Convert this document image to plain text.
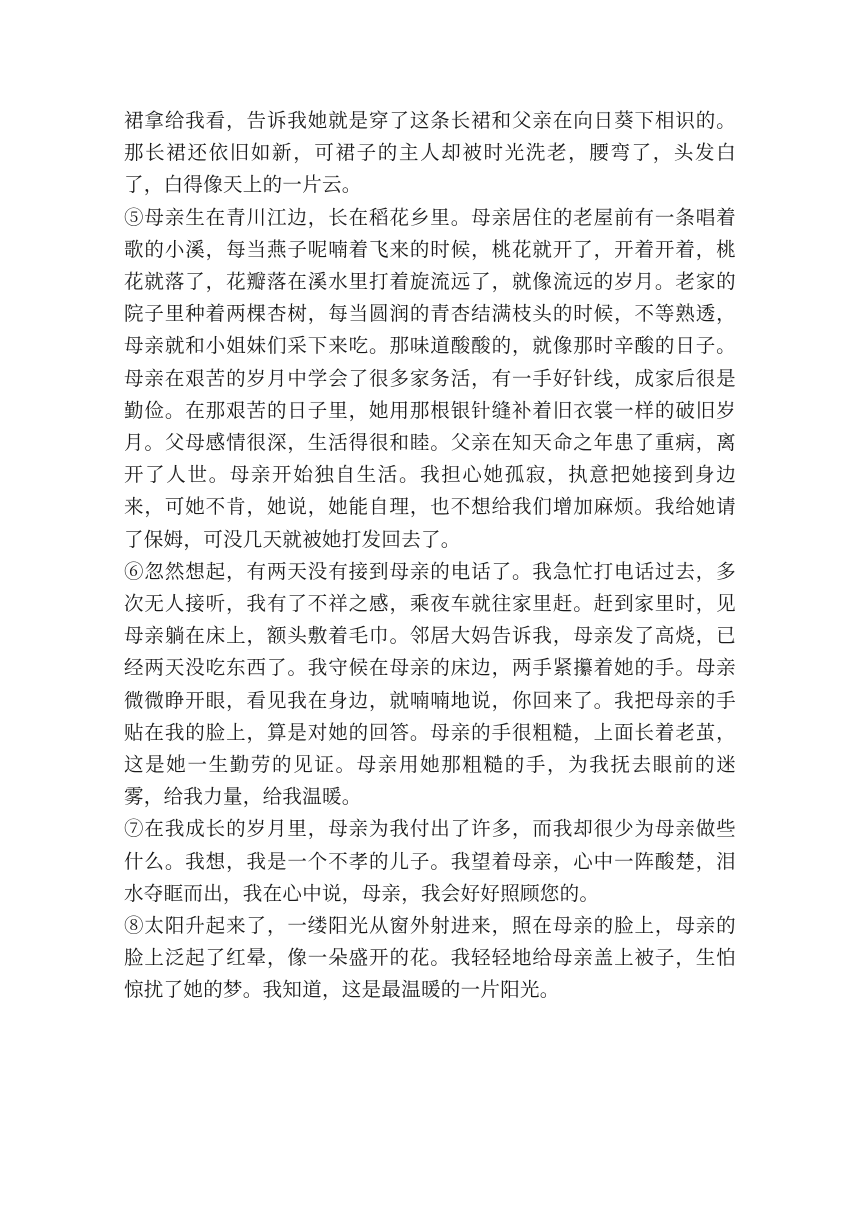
裙拿给我看，告诉我她就是穿了这条长裙和父亲在向日葵下相识的。那长裙还依旧如新，可裙子的主人却被时光洗老，腰弯了，头发白了，白得像天上的一片云。

⑤母亲生在青川江边，长在稻花乡里。母亲居住的老屋前有一条唱着歌的小溪，每当燕子呢喃着飞来的时候，桃花就开了，开着开着，桃花就落了，花瓣落在溪水里打着旋流远了，就像流远的岁月。老家的院子里种着两棵杏树，每当圆润的青杏结满枝头的时候，不等熟透，母亲就和小姐妹们采下来吃。那味道酸酸的，就像那时辛酸的日子。母亲在艰苦的岁月中学会了很多家务活，有一手好针线，成家后很是勤俭。在那艰苦的日子里，她用那根银针缝补着旧衣裳一样的破旧岁月。父母感情很深，生活得很和睦。父亲在知天命之年患了重病，离开了人世。母亲开始独自生活。我担心她孤寂，执意把她接到身边来，可她不肯，她说，她能自理，也不想给我们增加麻烦。我给她请了保姆，可没几天就被她打发回去了。

⑥忽然想起，有两天没有接到母亲的电话了。我急忙打电话过去，多次无人接听，我有了不祥之感，乘夜车就往家里赶。赶到家里时，见母亲躺在床上，额头敷着毛巾。邻居大妈告诉我，母亲发了高烧，已经两天没吃东西了。我守候在母亲的床边，两手紧攥着她的手。母亲微微睁开眼，看见我在身边，就喃喃地说，你回来了。我把母亲的手贴在我的脸上，算是对她的回答。母亲的手很粗糙，上面长着老茧，这是她一生勤劳的见证。母亲用她那粗糙的手，为我抚去眼前的迷雾，给我力量，给我温暖。

⑦在我成长的岁月里，母亲为我付出了许多，而我却很少为母亲做些什么。我想，我是一个不孝的儿子。我望着母亲，心中一阵酸楚，泪水夺眶而出，我在心中说，母亲，我会好好照顾您的。

⑧太阳升起来了，一缕阳光从窗外射进来，照在母亲的脸上，母亲的脸上泛起了红晕，像一朵盛开的花。我轻轻地给母亲盖上被子，生怕惊扰了她的梦。我知道，这是最温暖的一片阳光。
